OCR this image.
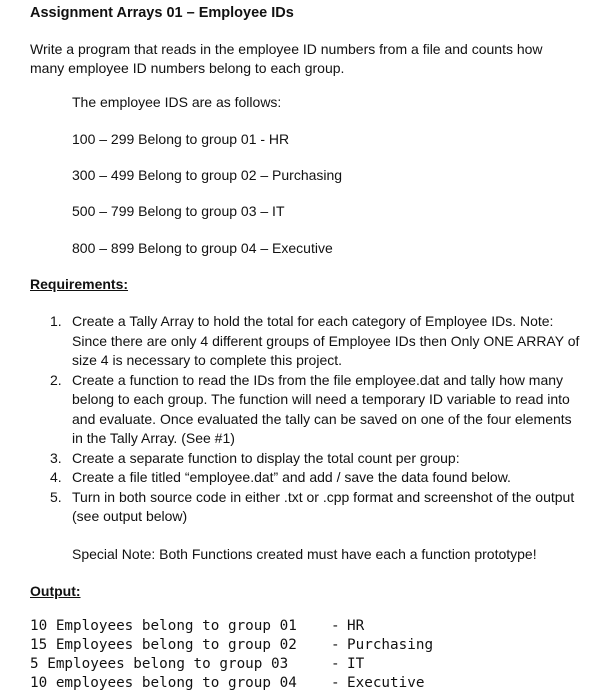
Assignment Arrays 01 – Employee IDs
Write a program that reads in the employee ID numbers from a file and counts how many employee ID numbers belong to each group.
The employee IDS are as follows:
100 – 299 Belong to group 01 - HR
300 – 499 Belong to group 02 – Purchasing
500 – 799 Belong to group 03 – IT
800 – 899 Belong to group 04 – Executive
Requirements:
1. Create a Tally Array to hold the total for each category of Employee IDs. Note: Since there are only 4 different groups of Employee IDs then Only ONE ARRAY of size 4 is necessary to complete this project.
2. Create a function to read the IDs from the file employee.dat and tally how many belong to each group. The function will need a temporary ID variable to read into and evaluate. Once evaluated the tally can be saved on one of the four elements in the Tally Array. (See #1)
3. Create a separate function to display the total count per group:
4. Create a file titled “employee.dat” and add / save the data found below.
5. Turn in both source code in either .txt or .cpp format and screenshot of the output (see output below)
Special Note: Both Functions created must have each a function prototype!
Output:
10 Employees belong to group 01 - HR
15 Employees belong to group 02 - Purchasing
5 Employees belong to group 03	- IT
10 employees belong to group 04 - Executive
